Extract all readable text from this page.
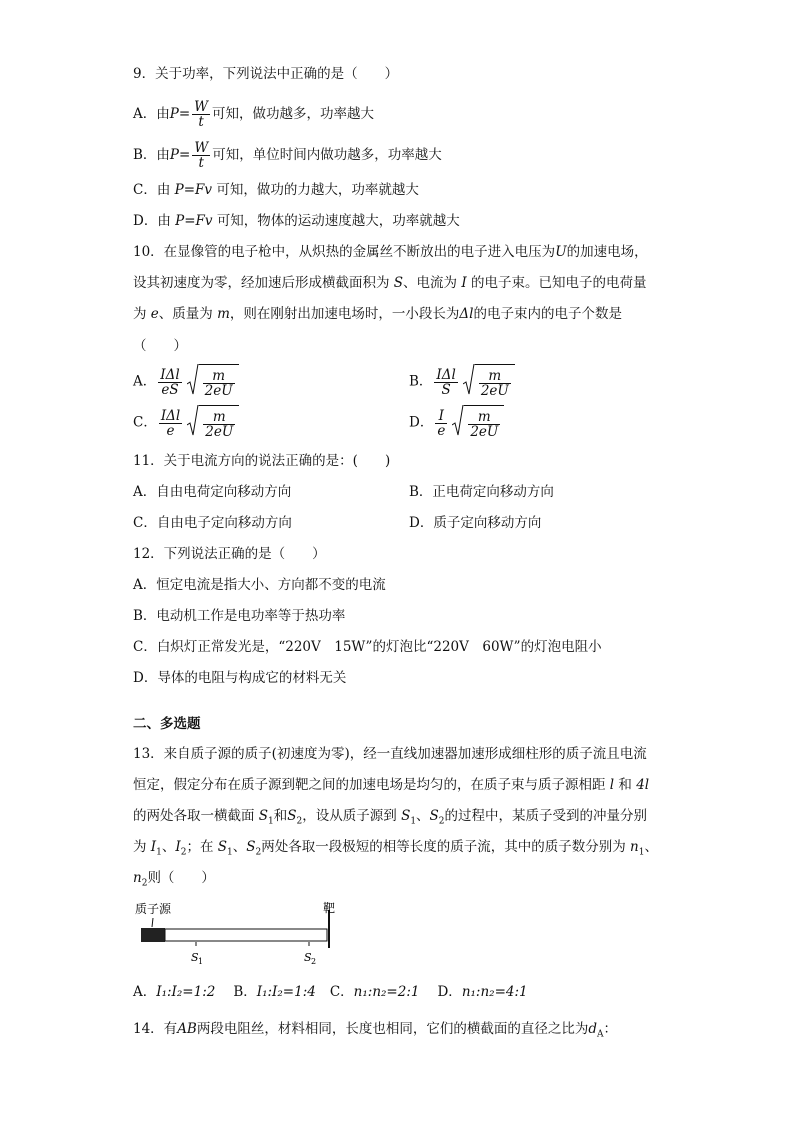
9．关于功率，下列说法中正确的是（　　）
A．由$P= \frac{W}{t}$ 可知，做功越多，功率越大
B．由$P= \frac{W}{t}$ 可知，单位时间内做功越多，功率越大
C．由 P=Fv 可知，做功的力越大，功率就越大
D．由 P=Fv 可知，物体的运动速度越大，功率就越大
10．在显像管的电子枪中，从炽热的金属丝不断放出的电子进入电压为U的加速电场，
设其初速度为零，经加速后形成横截面积为 S、电流为 I 的电子束。已知电子的电荷量
为 e、质量为 m，则在刚射出加速电场时，一小段长为Δl的电子束内的电子个数是
（　　）
A． $\frac{\text{IΔl}}{eS} \frac{m}{2eU}$	B． $\frac{\text{IΔl}}{S} \frac{m}{2eU}$
C． $\frac{\text{IΔl}}{e} \frac{m}{2eU}$	D． $\frac{I}{e} \frac{m}{2eU}$
11．关于电流方向的说法正确的是：(　　)
A．自由电荷定向移动方向	B．正电荷定向移动方向
C．自由电子定向移动方向	D．质子定向移动方向
12．下列说法正确的是（　　）
A．恒定电流是指大小、方向都不变的电流
B．电动机工作是电功率等于热功率
C．白炽灯正常发光是，“220V　15W”的灯泡比“220V　60W”的灯泡电阻小
D．导体的电阻与构成它的材料无关
二、多选题
13．来自质子源的质子(初速度为零)，经一直线加速器加速形成细柱形的质子流且电流
恒定，假定分布在质子源到靶之间的加速电场是均匀的，在质子束与质子源相距 l 和 4l
的两处各取一横截面 $S_1$和$S_2$，设从质子源到 $S_1$、$S_2$的过程中，某质子受到的冲量分别
为 $I_1$、$I_2$；在 $S_1$、$S_2$两处各取一段极短的相等长度的质子流，其中的质子数分别为 $n_1$、
$n_2$则（　　）
质子源	靶
S 1	S 2
A．I₁:I₂=1:2 B．I₁:I₂=1:4 C．n₁:n₂=2:1 D．n₁:n₂=4:1
14．有AB两段电阻丝，材料相同，长度也相同，它们的横截面的直径之比为$d_A$：
